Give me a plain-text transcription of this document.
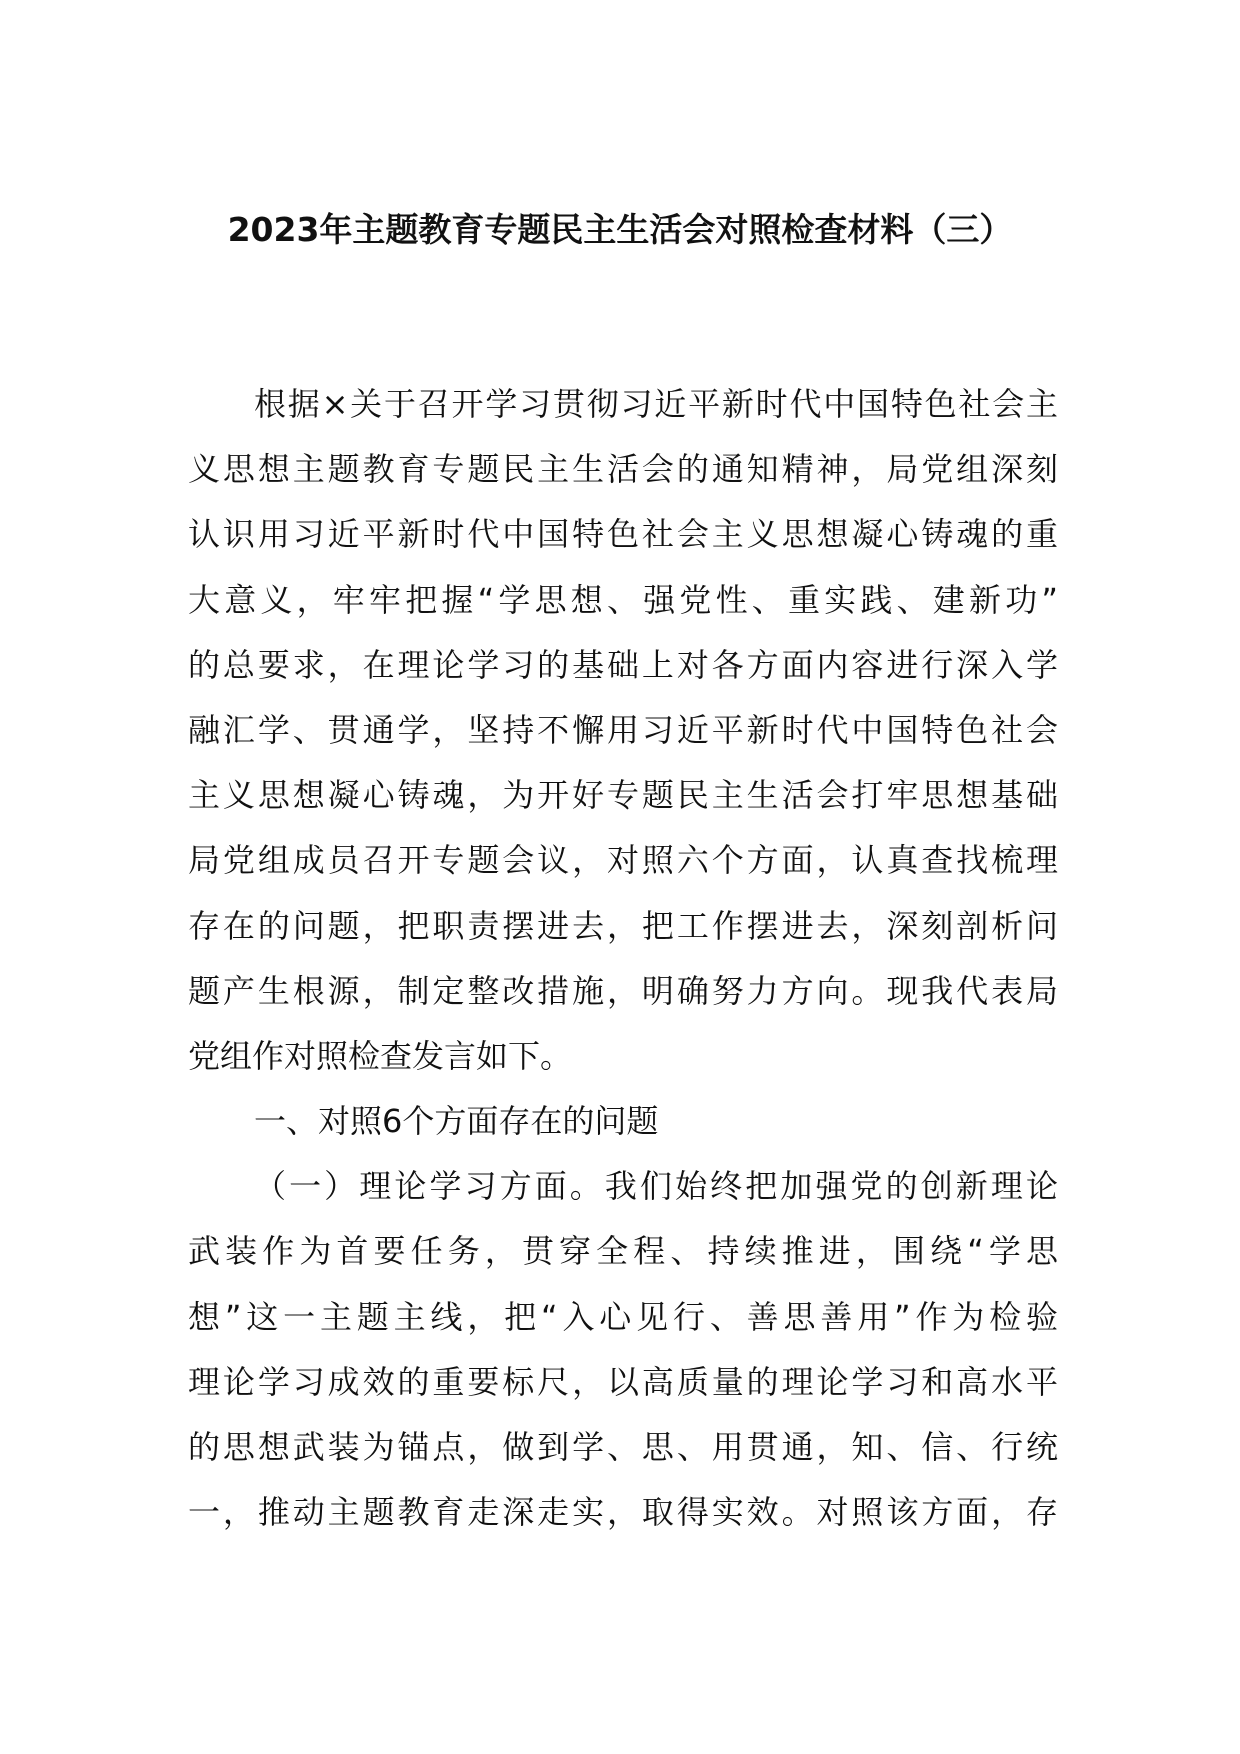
2023年主题教育专题民主生活会对照检查材料（三）
根据×关于召开学习贯彻习近平新时代中国特色社会主
义思想主题教育专题民主生活会的通知精神，局党组深刻
认识用习近平新时代中国特色社会主义思想凝心铸魂的重
大意义，牢牢把握“学思想、强党性、重实践、建新功”
的总要求，在理论学习的基础上对各方面内容进行深入学
融汇学、贯通学，坚持不懈用习近平新时代中国特色社会
主义思想凝心铸魂，为开好专题民主生活会打牢思想基础
局党组成员召开专题会议，对照六个方面，认真查找梳理
存在的问题，把职责摆进去，把工作摆进去，深刻剖析问
题产生根源，制定整改措施，明确努力方向。现我代表局
党组作对照检查发言如下。
一、对照6个方面存在的问题
（一）理论学习方面。我们始终把加强党的创新理论
武装作为首要任务，贯穿全程、持续推进，围绕“学思
想”这一主题主线，把“入心见行、善思善用”作为检验
理论学习成效的重要标尺，以高质量的理论学习和高水平
的思想武装为锚点，做到学、思、用贯通，知、信、行统
一，推动主题教育走深走实，取得实效。对照该方面，存
